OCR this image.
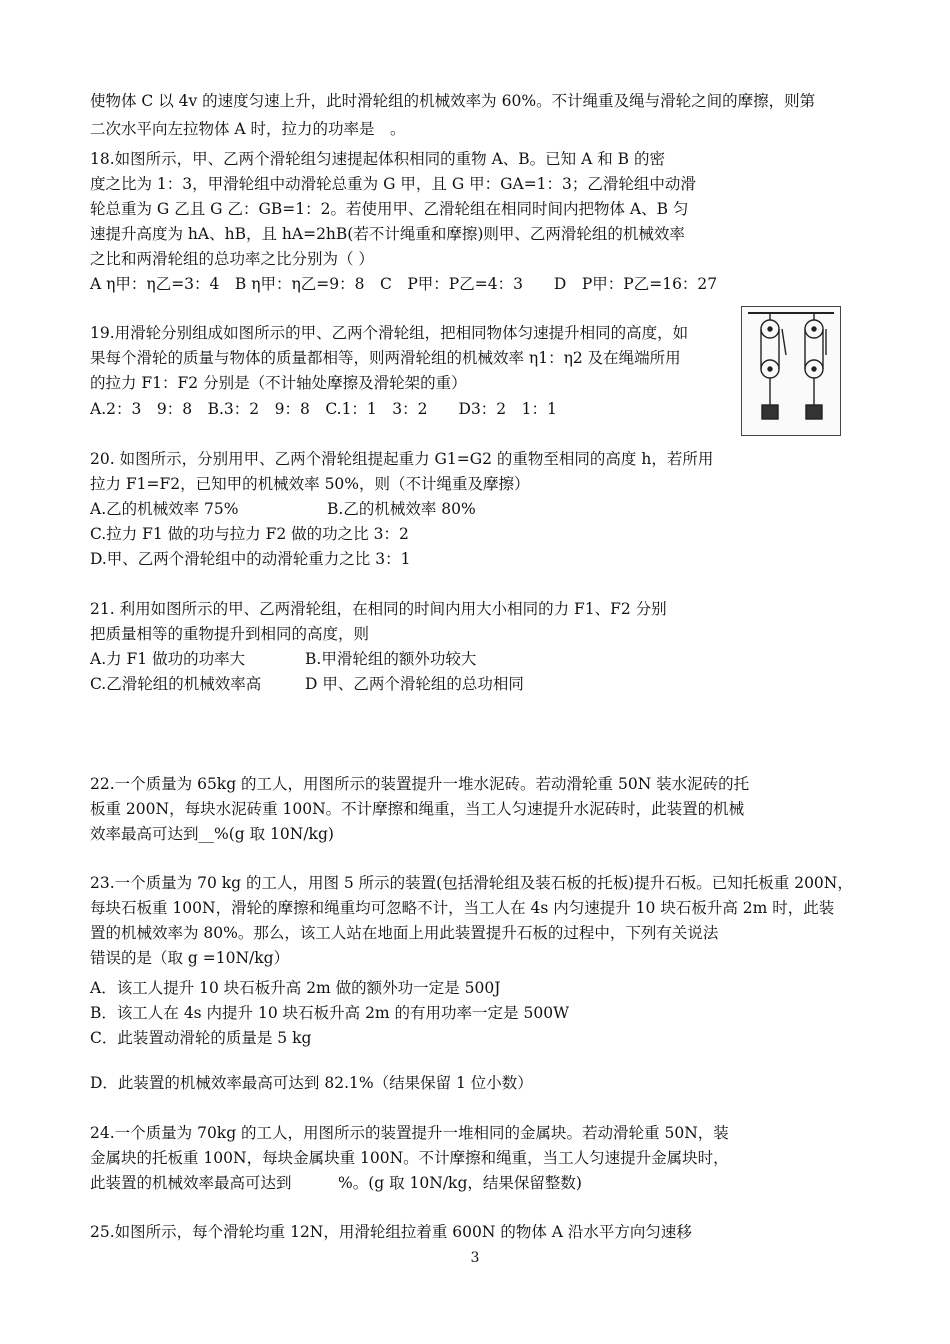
使物体 C 以 4v 的速度匀速上升，此时滑轮组的机械效率为 60%。不计绳重及绳与滑轮之间的摩擦，则第
二次水平向左拉物体 A 时，拉力的功率是　。
18.如图所示，甲、乙两个滑轮组匀速提起体积相同的重物 A、B。已知 A 和 B 的密
度之比为 1：3，甲滑轮组中动滑轮总重为 G 甲，且 G 甲：GA=1：3；乙滑轮组中动滑
轮总重为 G 乙且 G 乙：GB=1：2。若使用甲、乙滑轮组在相同时间内把物体 A、B 匀
速提升高度为 hA、hB，且 hA=2hB(若不计绳重和摩擦)则甲、乙两滑轮组的机械效率
之比和两滑轮组的总功率之比分别为（ ）
A η甲：η乙=3：4　B η甲：η乙=9：8　C　P甲：P乙=4：3　　D　P甲：P乙=16：27
19.用滑轮分别组成如图所示的甲、乙两个滑轮组，把相同物体匀速提升相同的高度，如
果每个滑轮的质量与物体的质量都相等，则两滑轮组的机械效率 η1：η2 及在绳端所用
的拉力 F1：F2 分别是（不计轴处摩擦及滑轮架的重）
A.2：3　9：8　B.3：2　9：8　C.1：1　3：2　　D3：2　1：1
20. 如图所示，分别用甲、乙两个滑轮组提起重力 G1=G2 的重物至相同的高度 h，若所用
拉力 F1=F2，已知甲的机械效率 50%，则（不计绳重及摩擦）
A.乙的机械效率 75%	B.乙的机械效率 80%
C.拉力 F1 做的功与拉力 F2 做的功之比 3：2
D.甲、乙两个滑轮组中的动滑轮重力之比 3：1
21. 利用如图所示的甲、乙两滑轮组，在相同的时间内用大小相同的力 F1、F2 分别
把质量相等的重物提升到相同的高度，则
A.力 F1 做功的功率大	B.甲滑轮组的额外功较大
C.乙滑轮组的机械效率高	D 甲、乙两个滑轮组的总功相同
22.一个质量为 65kg 的工人，用图所示的装置提升一堆水泥砖。若动滑轮重 50N 装水泥砖的托
板重 200N，每块水泥砖重 100N。不计摩擦和绳重，当工人匀速提升水泥砖时，此装置的机械
效率最高可达到__%(g 取 10N/kg)
23.一个质量为 70 kg 的工人，用图 5 所示的装置(包括滑轮组及装石板的托板)提升石板。已知托板重 200N，
每块石板重 100N，滑轮的摩擦和绳重均可忽略不计，当工人在 4s 内匀速提升 10 块石板升高 2m 时，此装
置的机械效率为 80%。那么，该工人站在地面上用此装置提升石板的过程中，下列有关说法
错误的是（取 g =10N/kg）
A．该工人提升 10 块石板升高 2m 做的额外功一定是 500J
B．该工人在 4s 内提升 10 块石板升高 2m 的有用功率一定是 500W
C．此装置动滑轮的质量是 5 kg
D．此装置的机械效率最高可达到 82.1%（结果保留 1 位小数）
24.一个质量为 70kg 的工人，用图所示的装置提升一堆相同的金属块。若动滑轮重 50N，装
金属块的托板重 100N，每块金属块重 100N。不计摩擦和绳重，当工人匀速提升金属块时，
此装置的机械效率最高可达到　　　%。(g 取 10N/kg，结果保留整数)
25.如图所示，每个滑轮均重 12N，用滑轮组拉着重 600N 的物体 A 沿水平方向匀速移
3
